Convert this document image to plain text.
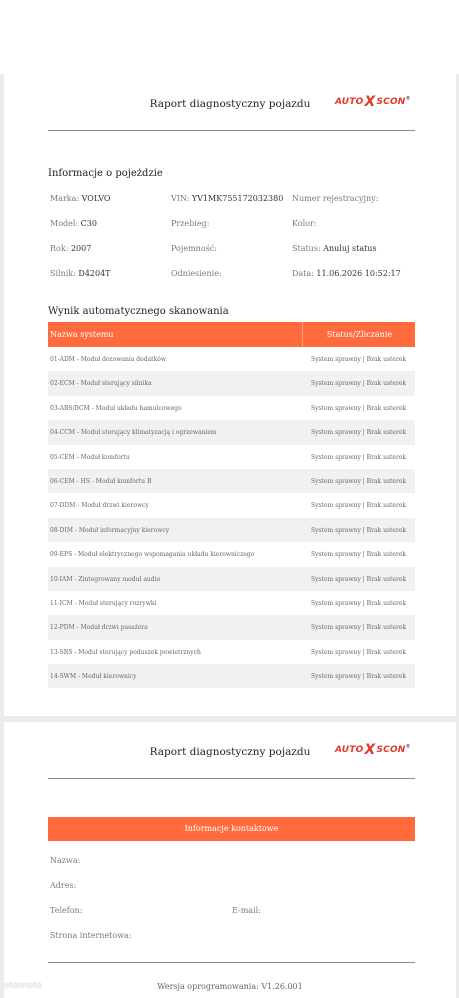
Raport diagnostyczny pojazdu	AUTOXSCON®
Informacje o pojeżdzie
Marka: VOLVO	VIN: YV1MK755172032380 Numer rejestracyjny:
Model: C30	Przebieg:	Kolor:
Rok: 2007	Pojemność:	Status: Anuluj status
Silnik: D4204T	Odniesienie:	Data: 11.06.2026 10:52:17
Wynik automatycznego skanowania
Nazwa systemu	Status/Zliczanie
01-ADM - Moduł dozowania dodatków	System sprawny | Brak usterek
02-ECM - Moduł sterujący silnika	System sprawny | Brak usterek
03-ABS/BCM - Moduł układu hamulcowego	System sprawny | Brak usterek
04-CCM - Moduł sterujący klimatyzacją i ogrzewaniem	System sprawny | Brak usterek
05-CEM - Moduł komfortu	System sprawny | Brak usterek
06-CEM - HS - Moduł komfortu B	System sprawny | Brak usterek
07-DDM - Moduł drzwi kierowcy	System sprawny | Brak usterek
08-DIM - Moduł informacyjny kierowcy	System sprawny | Brak usterek
09-EPS - Moduł elektrycznego wspomagania układu kierowniczego	System sprawny | Brak usterek
10-IAM - Zintegrowany moduł audio	System sprawny | Brak usterek
11-ICM - Moduł sterujący rozrywki	System sprawny | Brak usterek
12-PDM - Moduł drzwi pasażera	System sprawny | Brak usterek
13-SRS - Moduł sterujący poduszek powietrznych	System sprawny | Brak usterek
14-SWM - Moduł kierownicy	System sprawny | Brak usterek
Raport diagnostyczny pojazdu	AUTOXSCON®
Informacje kontaktowe
Nazwa:
Adres:
Telefon:	E-mail:
Strona internetowa:
Wersja oprogramowania: V1.26.001
otomoto
